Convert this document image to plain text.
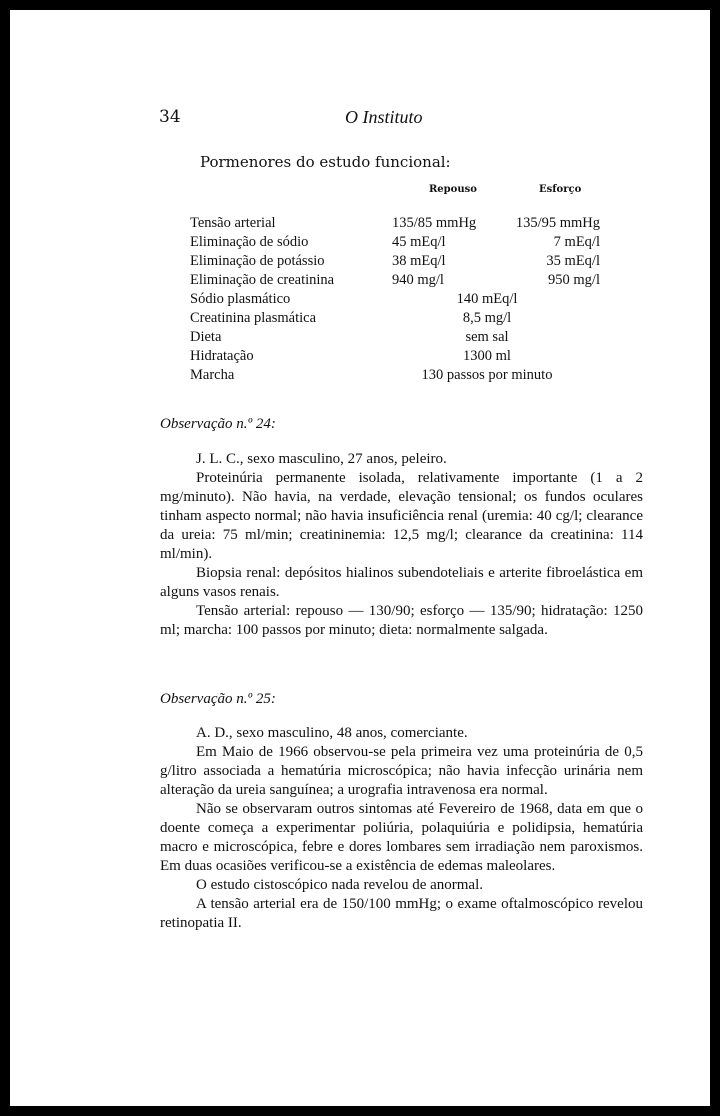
34	O Instituto
Pormenores do estudo funcional:
Repouso	Esforço
Tensão arterial	135/85 mmHg	135/95 mmHg
Eliminação de sódio	45 mEq/l	7 mEq/l
Eliminação de potássio	38 mEq/l	35 mEq/l
Eliminação de creatinina	940 mg/l	950 mg/l
Sódio plasmático	140 mEq/l
Creatinina plasmática	8,5 mg/l
Dieta	sem sal
Hidratação	1300 ml
Marcha	130 passos por minuto
Observação n.º 24:

J. L. C., sexo masculino, 27 anos, peleiro.

Proteinúria permanente isolada, relativamente importante (1 a 2 mg/minuto). Não havia, na verdade, elevação tensional; os fundos oculares tinham aspecto normal; não havia insuficiência renal (uremia: 40 cg/l; clearance da ureia: 75 ml/min; creatininemia: 12,5 mg/l; clearance da creatinina: 114 ml/min).

Biopsia renal: depósitos hialinos subendoteliais e arterite fibroelástica em alguns vasos renais.

Tensão arterial: repouso — 130/90; esforço — 135/90; hidratação: 1250 ml; marcha: 100 passos por minuto; dieta: normalmente salgada.

Observação n.º 25:

A. D., sexo masculino, 48 anos, comerciante.

Em Maio de 1966 observou-se pela primeira vez uma proteinúria de 0,5 g/litro associada a hematúria microscópica; não havia infecção urinária nem alteração da ureia sanguínea; a urografia intravenosa era normal.

Não se observaram outros sintomas até Fevereiro de 1968, data em que o doente começa a experimentar poliúria, polaquiúria e polidipsia, hematúria macro e microscópica, febre e dores lombares sem irradiação nem paroxismos. Em duas ocasiões verificou-se a existência de edemas maleolares.

O estudo cistoscópico nada revelou de anormal.

A tensão arterial era de 150/100 mmHg; o exame oftalmoscópico revelou retinopatia II.
